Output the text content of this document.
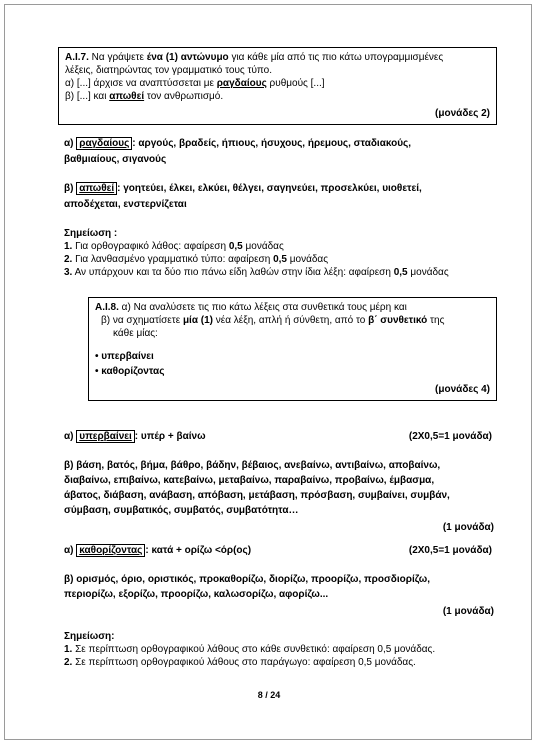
Α.Ι.7. Να γράψετε ένα (1) αντώνυμο για κάθε μία από τις πιο κάτω υπογραμμισμένες
λέξεις, διατηρώντας τον γραμματικό τους τύπο.
α) [...] άρχισε να αναπτύσσεται με ραγδαίους ρυθμούς [...]
β) [...] και απωθεί τον ανθρωπισμό.
(μονάδες 2)
α) ραγδαίους : αργούς, βραδείς, ήπιους, ήσυχους, ήρεμους, σταδιακούς,
βαθμιαίους, σιγανούς
β) απωθεί : γοητεύει, έλκει, ελκύει, θέλγει, σαγηνεύει, προσελκύει, υιοθετεί,
αποδέχεται, ενστερνίζεται
Σημείωση :
1. Για ορθογραφικό λάθος: αφαίρεση 0,5 μονάδας
2. Για λανθασμένο γραμματικό τύπο: αφαίρεση 0,5 μονάδας
3. Αν υπάρχουν και τα δύο πιο πάνω είδη λαθών στην ίδια λέξη: αφαίρεση 0,5 μονάδας
Α.Ι.8. α) Να αναλύσετε τις πιο κάτω λέξεις στα συνθετικά τους μέρη και
β) να σχηματίσετε μία (1) νέα λέξη, απλή ή σύνθετη, από το β΄ συνθετικό της
κάθε μίας:
• υπερβαίνει
• καθορίζοντας
(μονάδες 4)
α) υπερβαίνει : υπέρ + βαίνω	(2Χ0,5=1 μονάδα)
β) βάση, βατός, βήμα, βάθρο, βάδην, βέβαιος, ανεβαίνω, αντιβαίνω, αποβαίνω,
διαβαίνω, επιβαίνω, κατεβαίνω, μεταβαίνω, παραβαίνω, προβαίνω, έμβασμα,
άβατος, διάβαση, ανάβαση, απόβαση, μετάβαση, πρόσβαση, συμβαίνει, συμβάν,
σύμβαση, συμβατικός, συμβατός, συμβατότητα…
(1 μονάδα)
α) καθορίζοντας : κατά + ορίζω <όρ(ος)	(2Χ0,5=1 μονάδα)
β) ορισμός, όριο, οριστικός, προκαθορίζω, διορίζω, προορίζω, προσδιορίζω,
περιορίζω, εξορίζω, προορίζω, καλωσορίζω, αφορίζω...
(1 μονάδα)
Σημείωση:
1. Σε περίπτωση ορθογραφικού λάθους στο κάθε συνθετικό: αφαίρεση 0,5 μονάδας.
2. Σε περίπτωση ορθογραφικού λάθους στο παράγωγο: αφαίρεση 0,5 μονάδας.
8 / 24
